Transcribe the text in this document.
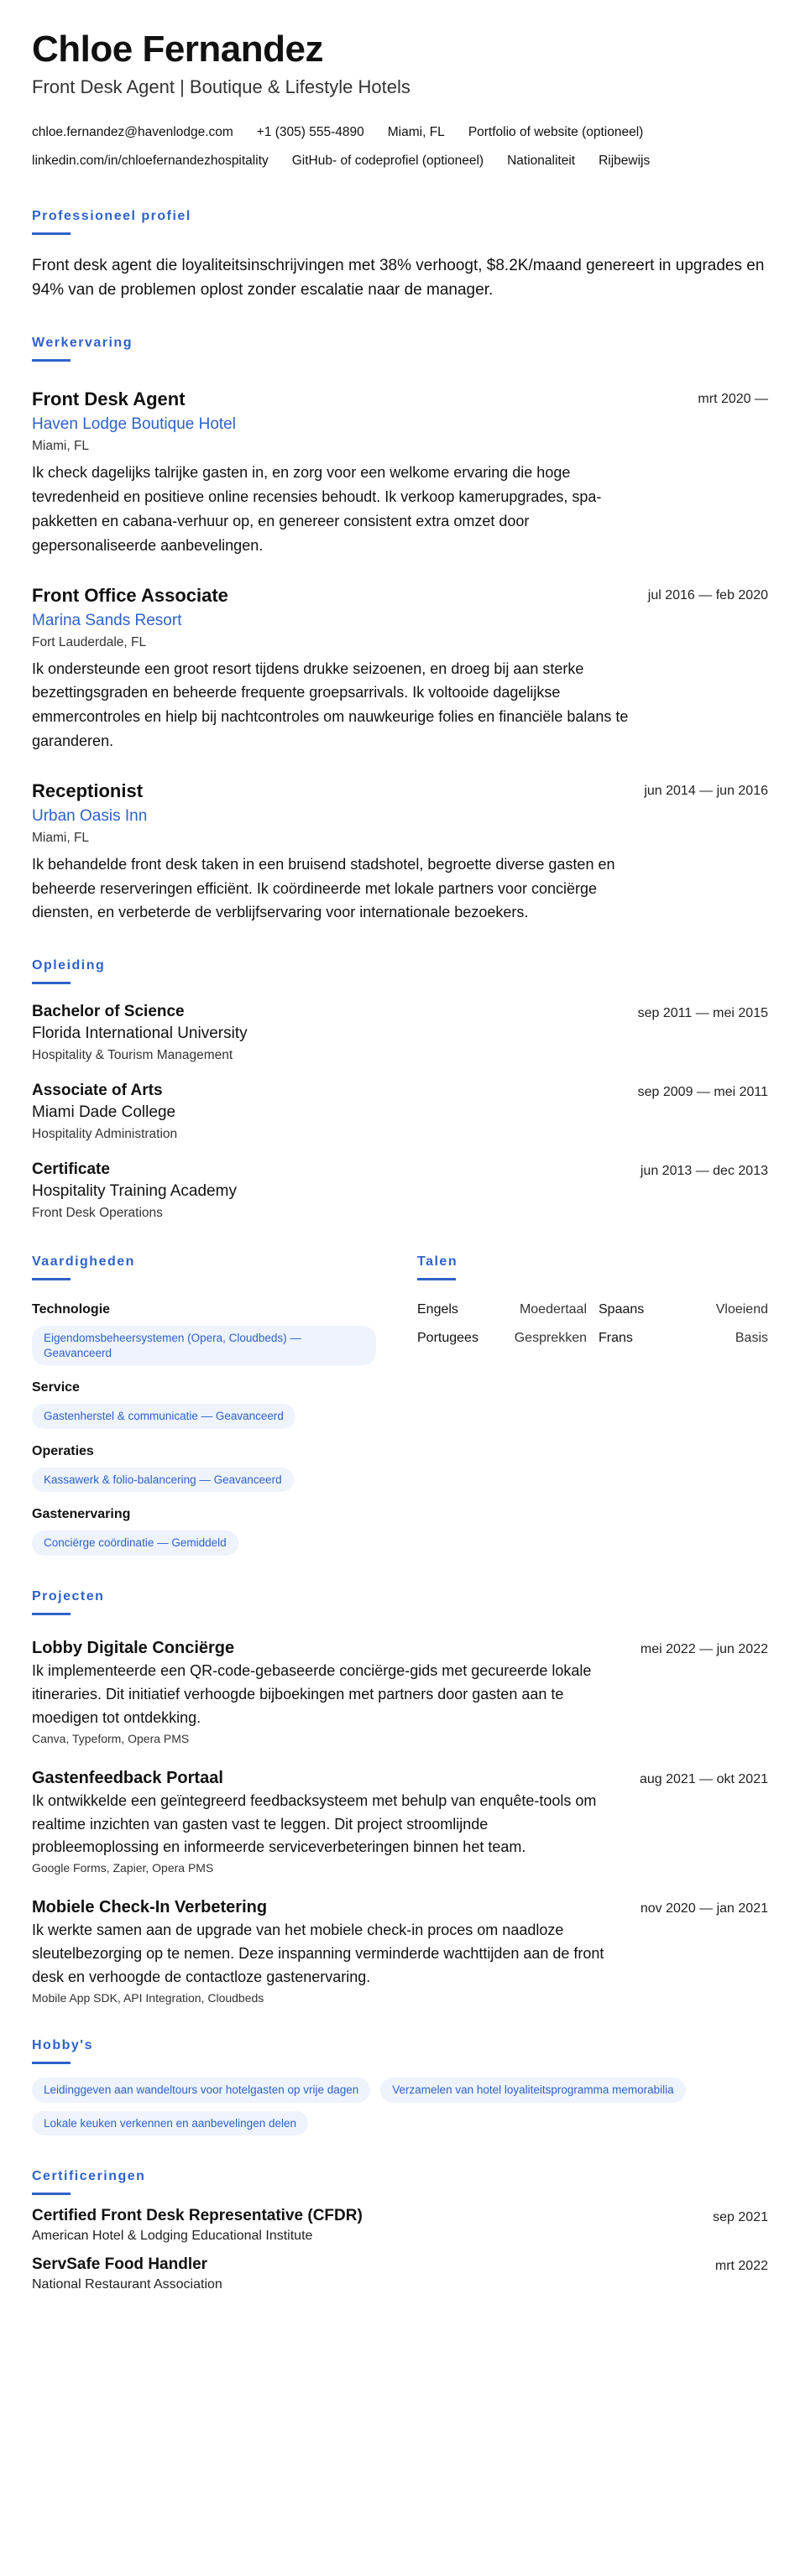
Chloe Fernandez
Front Desk Agent | Boutique & Lifestyle Hotels
chloe.fernandez@havenlodge.com +1 (305) 555-4890 Miami, FL Portfolio of website (optioneel)
linkedin.com/in/chloefernandezhospitality GitHub- of codeprofiel (optioneel) Nationaliteit Rijbewijs
Professioneel profiel

Front desk agent die loyaliteitsinschrijvingen met 38% verhoogt, $8.2K/maand genereert in upgrades en 94% van de problemen oplost zonder escalatie naar de manager.

Werkervaring
Front Desk Agent	mrt 2020 —
Haven Lodge Boutique Hotel
Miami, FL

Ik check dagelijks talrijke gasten in, en zorg voor een welkome ervaring die hoge tevredenheid en positieve online recensies behoudt. Ik verkoop kamerupgrades, spa-pakketten en cabana-verhuur op, en genereer consistent extra omzet door gepersonaliseerde aanbevelingen.

Front Office Associate	jul 2016 — feb 2020
Marina Sands Resort
Fort Lauderdale, FL

Ik ondersteunde een groot resort tijdens drukke seizoenen, en droeg bij aan sterke bezettingsgraden en beheerde frequente groepsarrivals. Ik voltooide dagelijkse emmercontroles en hielp bij nachtcontroles om nauwkeurige folies en financiële balans te garanderen.

Receptionist	jun 2014 — jun 2016
Urban Oasis Inn
Miami, FL

Ik behandelde front desk taken in een bruisend stadshotel, begroette diverse gasten en beheerde reserveringen efficiënt. Ik coördineerde met lokale partners voor conciërge diensten, en verbeterde de verblijfservaring voor internationale bezoekers.

Opleiding
Bachelor of Science	sep 2011 — mei 2015
Florida International University
Hospitality & Tourism Management
Associate of Arts	sep 2009 — mei 2011
Miami Dade College
Hospitality Administration
Certificate	jun 2013 — dec 2013
Hospitality Training Academy
Front Desk Operations
Vaardigheden
Technologie
Eigendomsbeheersystemen (Opera, Cloudbeds) — Geavanceerd
Service
Gastenherstel & communicatie — Geavanceerd
Operaties
Kassawerk & folio-balancering — Geavanceerd
Gastenervaring
Conciërge coördinatie — Gemiddeld
Talen
Engels	Moedertaal Spaans	Vloeiend
Portugees	Gesprekken Frans	Basis
Projecten
Lobby Digitale Conciërge	mei 2022 — jun 2022

Ik implementeerde een QR-code-gebaseerde conciërge-gids met gecureerde lokale itineraries. Dit initiatief verhoogde bijboekingen met partners door gasten aan te moedigen tot ontdekking.

Canva, Typeform, Opera PMS
Gastenfeedback Portaal	aug 2021 — okt 2021

Ik ontwikkelde een geïntegreerd feedbacksysteem met behulp van enquête-tools om realtime inzichten van gasten vast te leggen. Dit project stroomlijnde probleemoplossing en informeerde serviceverbeteringen binnen het team.

Google Forms, Zapier, Opera PMS
Mobiele Check-In Verbetering	nov 2020 — jan 2021

Ik werkte samen aan de upgrade van het mobiele check-in proces om naadloze sleutelbezorging op te nemen. Deze inspanning verminderde wachttijden aan de front desk en verhoogde de contactloze gastenervaring.

Mobile App SDK, API Integration, Cloudbeds
Hobby's
Leidinggeven aan wandeltours voor hotelgasten op vrije dagen	Verzamelen van hotel loyaliteitsprogramma memorabilia
Lokale keuken verkennen en aanbevelingen delen
Certificeringen
Certified Front Desk Representative (CFDR)	sep 2021
American Hotel & Lodging Educational Institute
ServSafe Food Handler	mrt 2022
National Restaurant Association
